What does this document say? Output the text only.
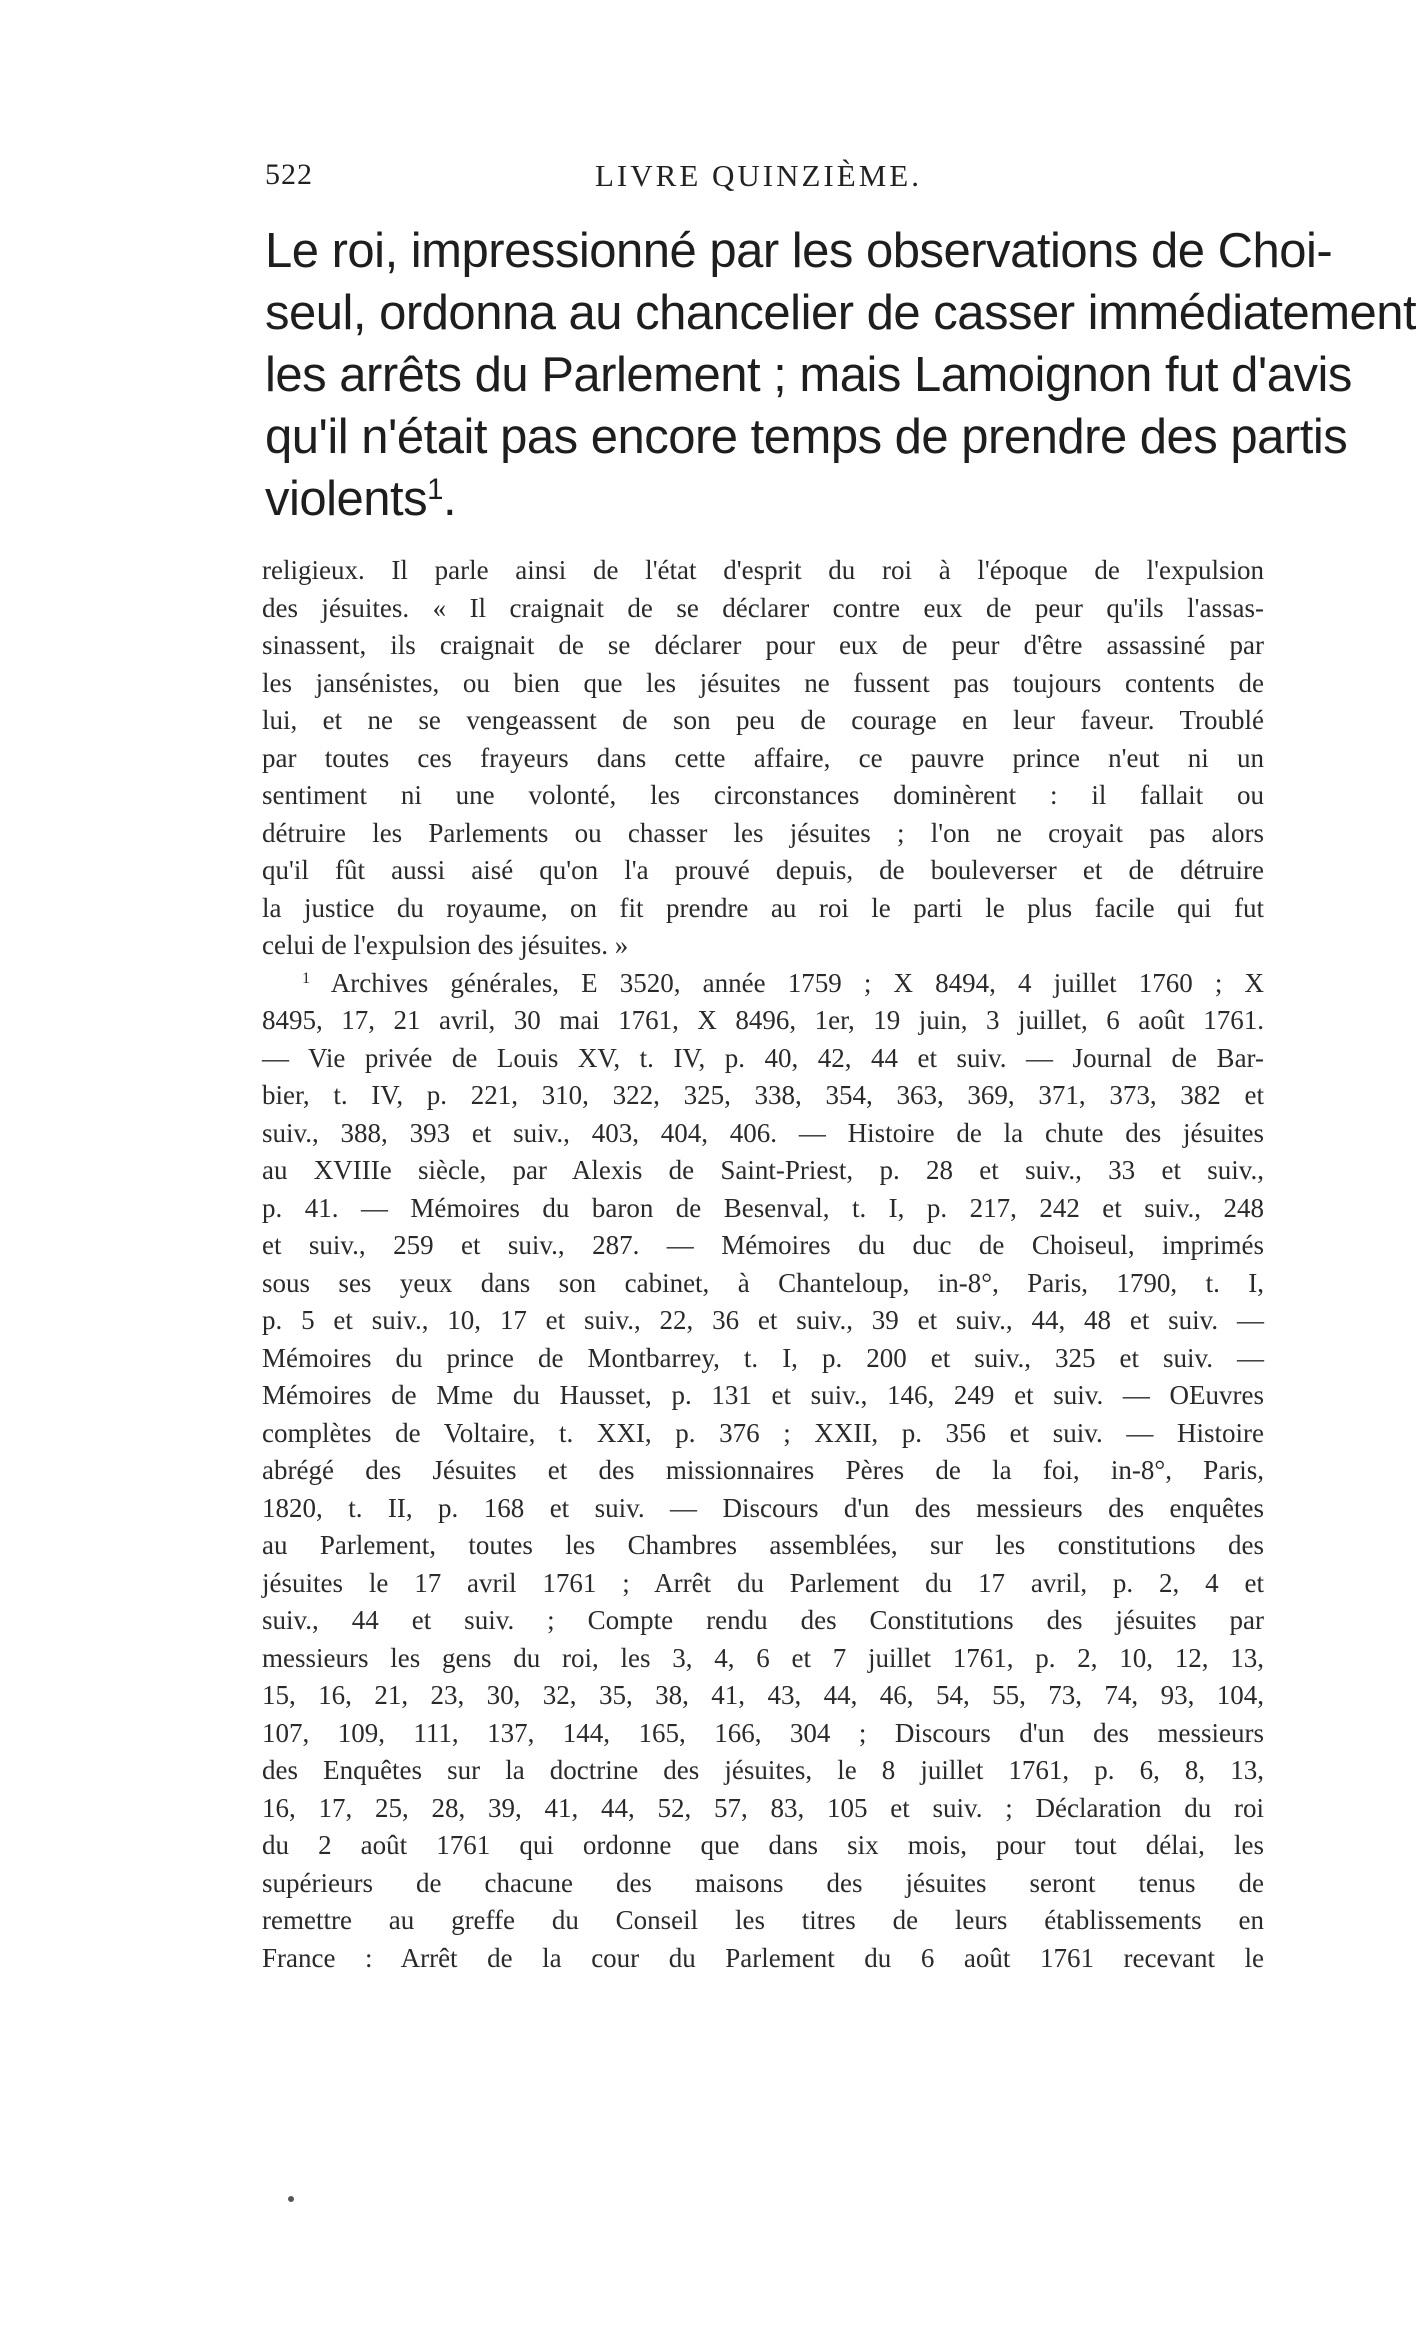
522	LIVRE QUINZIÈME.
Le roi, impressionné par les observations de Choi-
seul, ordonna au chancelier de casser immédiatement
les arrêts du Parlement ; mais Lamoignon fut d'avis
qu'il n'était pas encore temps de prendre des partis
violents$^1$.
religieux. Il parle ainsi de l'état d'esprit du roi à l'époque de l'expulsion
des jésuites. « Il craignait de se déclarer contre eux de peur qu'ils l'assas-
sinassent, ils craignait de se déclarer pour eux de peur d'être assassiné par
les jansénistes, ou bien que les jésuites ne fussent pas toujours contents de
lui, et ne se vengeassent de son peu de courage en leur faveur. Troublé
par toutes ces frayeurs dans cette affaire, ce pauvre prince n'eut ni un
sentiment ni une volonté, les circonstances dominèrent : il fallait ou
détruire les Parlements ou chasser les jésuites ; l'on ne croyait pas alors
qu'il fût aussi aisé qu'on l'a prouvé depuis, de bouleverser et de détruire
la justice du royaume, on fit prendre au roi le parti le plus facile qui fut
celui de l'expulsion des jésuites. »
$^1$ Archives générales, E 3520, année 1759 ; X 8494, 4 juillet 1760 ; X
8495, 17, 21 avril, 30 mai 1761, X 8496, 1er, 19 juin, 3 juillet, 6 août 1761.
— Vie privée de Louis XV, t. IV, p. 40, 42, 44 et suiv. — Journal de Bar-
bier, t. IV, p. 221, 310, 322, 325, 338, 354, 363, 369, 371, 373, 382 et
suiv., 388, 393 et suiv., 403, 404, 406. — Histoire de la chute des jésuites
au XVIIIe siècle, par Alexis de Saint-Priest, p. 28 et suiv., 33 et suiv.,
p. 41. — Mémoires du baron de Besenval, t. I, p. 217, 242 et suiv., 248
et suiv., 259 et suiv., 287. — Mémoires du duc de Choiseul, imprimés
sous ses yeux dans son cabinet, à Chanteloup, in-8°, Paris, 1790, t. I,
p. 5 et suiv., 10, 17 et suiv., 22, 36 et suiv., 39 et suiv., 44, 48 et suiv. —
Mémoires du prince de Montbarrey, t. I, p. 200 et suiv., 325 et suiv. —
Mémoires de Mme du Hausset, p. 131 et suiv., 146, 249 et suiv. — OEuvres
complètes de Voltaire, t. XXI, p. 376 ; XXII, p. 356 et suiv. — Histoire
abrégé des Jésuites et des missionnaires Pères de la foi, in-8°, Paris,
1820, t. II, p. 168 et suiv. — Discours d'un des messieurs des enquêtes
au Parlement, toutes les Chambres assemblées, sur les constitutions des
jésuites le 17 avril 1761 ; Arrêt du Parlement du 17 avril, p. 2, 4 et
suiv., 44 et suiv. ; Compte rendu des Constitutions des jésuites par
messieurs les gens du roi, les 3, 4, 6 et 7 juillet 1761, p. 2, 10, 12, 13,
15, 16, 21, 23, 30, 32, 35, 38, 41, 43, 44, 46, 54, 55, 73, 74, 93, 104,
107, 109, 111, 137, 144, 165, 166, 304 ; Discours d'un des messieurs
des Enquêtes sur la doctrine des jésuites, le 8 juillet 1761, p. 6, 8, 13,
16, 17, 25, 28, 39, 41, 44, 52, 57, 83, 105 et suiv. ; Déclaration du roi
du 2 août 1761 qui ordonne que dans six mois, pour tout délai, les
supérieurs de chacune des maisons des jésuites seront tenus de
remettre au greffe du Conseil les titres de leurs établissements en
France : Arrêt de la cour du Parlement du 6 août 1761 recevant le
